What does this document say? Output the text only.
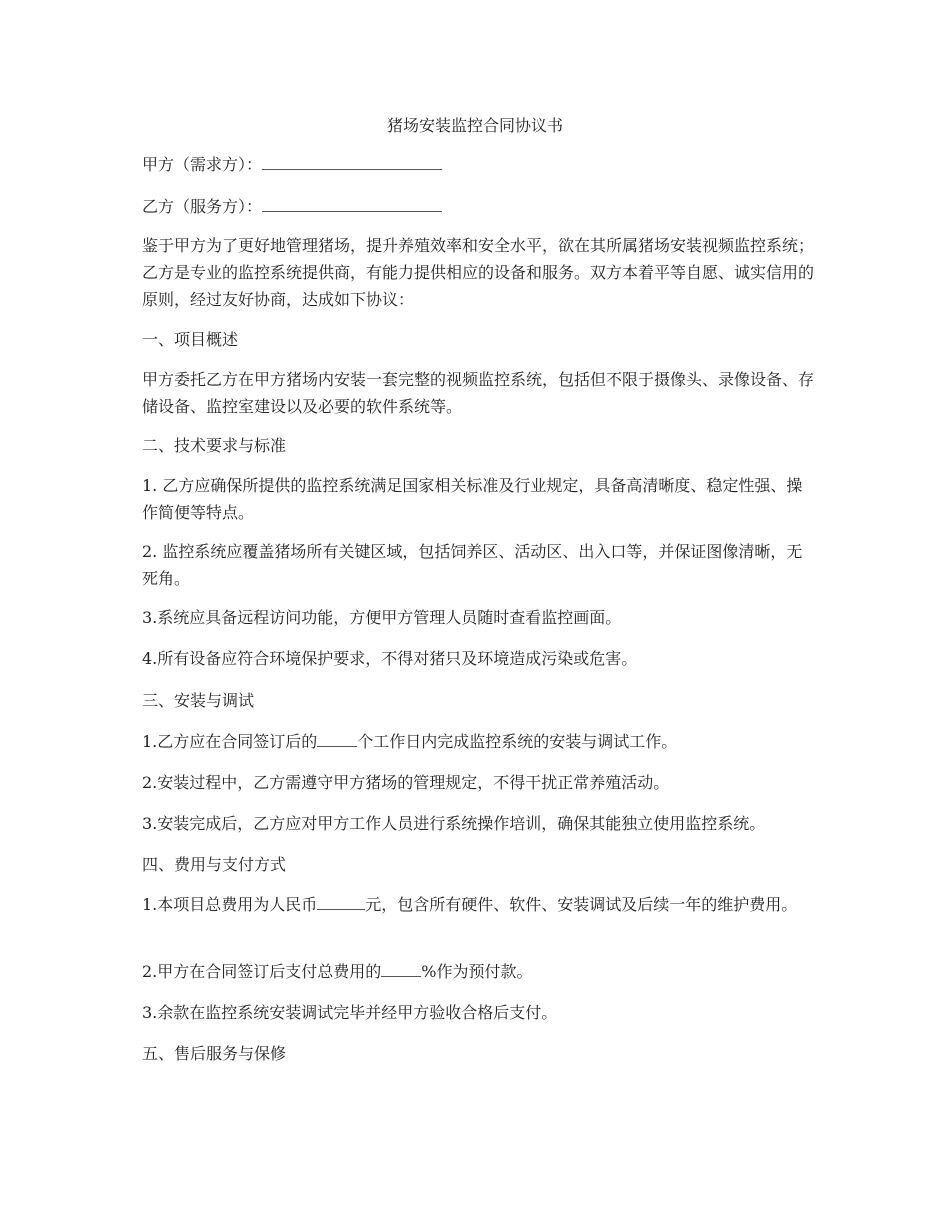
猪场安装监控合同协议书

甲方（需求方）：

乙方（服务方）：

鉴于甲方为了更好地管理猪场，提升养殖效率和安全水平，欲在其所属猪场安装视频监控系统；乙方是专业的监控系统提供商，有能力提供相应的设备和服务。双方本着平等自愿、诚实信用的原则，经过友好协商，达成如下协议：

一、项目概述

甲方委托乙方在甲方猪场内安装一套完整的视频监控系统，包括但不限于摄像头、录像设备、存储设备、监控室建设以及必要的软件系统等。

二、技术要求与标准

1. 乙方应确保所提供的监控系统满足国家相关标准及行业规定，具备高清晰度、稳定性强、操作简便等特点。

2. 监控系统应覆盖猪场所有关键区域，包括饲养区、活动区、出入口等，并保证图像清晰，无死角。

3.系统应具备远程访问功能，方便甲方管理人员随时查看监控画面。

4.所有设备应符合环境保护要求，不得对猪只及环境造成污染或危害。

三、安装与调试

1.乙方应在合同签订后的	个工作日内完成监控系统的安装与调试工作。

2.安装过程中，乙方需遵守甲方猪场的管理规定，不得干扰正常养殖活动。

3.安装完成后，乙方应对甲方工作人员进行系统操作培训，确保其能独立使用监控系统。

四、费用与支付方式

1.本项目总费用为人民币	元，包含所有硬件、软件、安装调试及后续一年的维护费用。

2.甲方在合同签订后支付总费用的	%作为预付款。

3.余款在监控系统安装调试完毕并经甲方验收合格后支付。

五、售后服务与保修
